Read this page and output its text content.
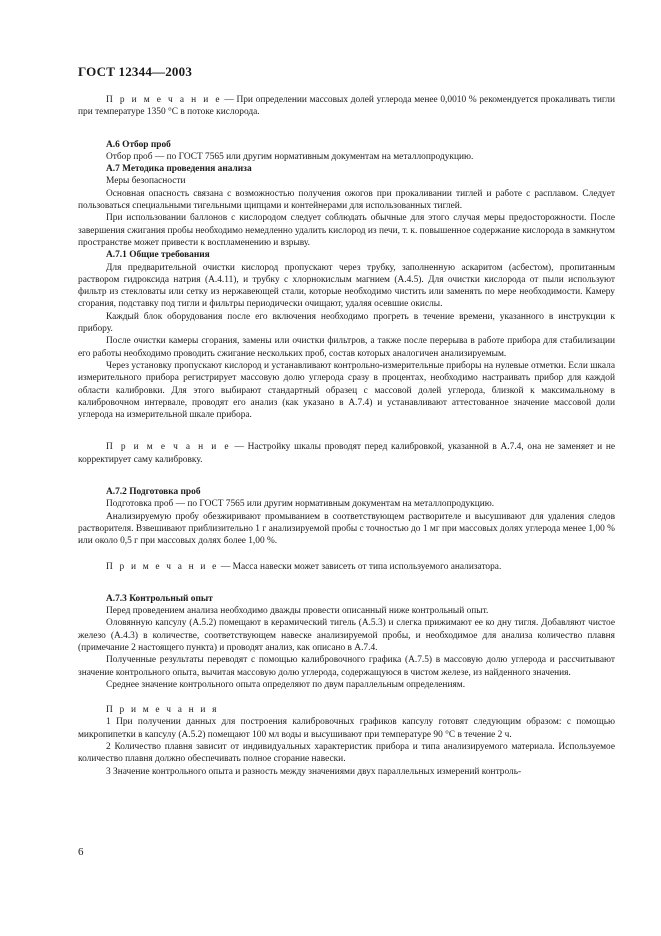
ГОСТ 12344—2003

П р и м е ч а н и е — При определении массовых долей углерода менее 0,0010 % рекомендуется прокаливать тигли при температуре 1350 °С в потоке кислорода.

А.6 Отбор проб

Отбор проб — по ГОСТ 7565 или другим нормативным документам на металлопродукцию.

А.7 Методика проведения анализа

Меры безопасности

Основная опасность связана с возможностью получения ожогов при прокаливании тиглей и работе с расплавом. Следует пользоваться специальными тигельными щипцами и контейнерами для использованных тиглей.

При использовании баллонов с кислородом следует соблюдать обычные для этого случая меры предосторожности. После завершения сжигания пробы необходимо немедленно удалить кислород из печи, т. к. повышенное содержание кислорода в замкнутом пространстве может привести к воспламенению и взрыву.

А.7.1 Общие требования

Для предварительной очистки кислород пропускают через трубку, заполненную аскаритом (асбестом), пропитанным раствором гидроксида натрия (А.4.11), и трубку с хлорнокислым магнием (А.4.5). Для очистки кислорода от пыли используют фильтр из стекловаты или сетку из нержавеющей стали, которые необходимо чистить или заменять по мере необходимости. Камеру сгорания, подставку под тигли и фильтры периодически очищают, удаляя осевшие окислы.

Каждый блок оборудования после его включения необходимо прогреть в течение времени, указанного в инструкции к прибору.

После очистки камеры сгорания, замены или очистки фильтров, а также после перерыва в работе прибора для стабилизации его работы необходимо проводить сжигание нескольких проб, состав которых аналогичен анализируемым.

Через установку пропускают кислород и устанавливают контрольно-измерительные приборы на нулевые отметки. Если шкала измерительного прибора регистрирует массовую долю углерода сразу в процентах, необходимо настраивать прибор для каждой области калибровки. Для этого выбирают стандартный образец с массовой долей углерода, близкой к максимальному в калибровочном интервале, проводят его анализ (как указано в А.7.4) и устанавливают аттестованное значение массовой доли углерода на измерительной шкале прибора.

П р и м е ч а н и е — Настройку шкалы проводят перед калибровкой, указанной в А.7.4, она не заменяет и не корректирует саму калибровку.

А.7.2 Подготовка проб

Подготовка проб — по ГОСТ 7565 или другим нормативным документам на металлопродукцию.

Анализируемую пробу обезжиривают промыванием в соответствующем растворителе и высушивают для удаления следов растворителя. Взвешивают приблизительно 1 г анализируемой пробы с точностью до 1 мг при массовых долях углерода менее 1,00 % или около 0,5 г при массовых долях более 1,00 %.

П р и м е ч а н и е — Масса навески может зависеть от типа используемого анализатора.

А.7.3 Контрольный опыт

Перед проведением анализа необходимо дважды провести описанный ниже контрольный опыт.

Оловянную капсулу (А.5.2) помещают в керамический тигель (А.5.3) и слегка прижимают ее ко дну тигля. Добавляют чистое железо (А.4.3) в количестве, соответствующем навеске анализируемой пробы, и необходимое для анализа количество плавня (примечание 2 настоящего пункта) и проводят анализ, как описано в А.7.4.

Полученные результаты переводят с помощью калибровочного графика (А.7.5) в массовую долю углерода и рассчитывают значение контрольного опыта, вычитая массовую долю углерода, содержащуюся в чистом железе, из найденного значения.

Среднее значение контрольного опыта определяют по двум параллельным определениям.

П р и м е ч а н и я

1 При получении данных для построения калибровочных графиков капсулу готовят следующим образом: с помощью микропипетки в капсулу (А.5.2) помещают 100 мл воды и высушивают при температуре 90 °С в течение 2 ч.

2 Количество плавня зависит от индивидуальных характеристик прибора и типа анализируемого материала. Используемое количество плавня должно обеспечивать полное сгорание навески.

3 Значение контрольного опыта и разность между значениями двух параллельных измерений контроль-

6
